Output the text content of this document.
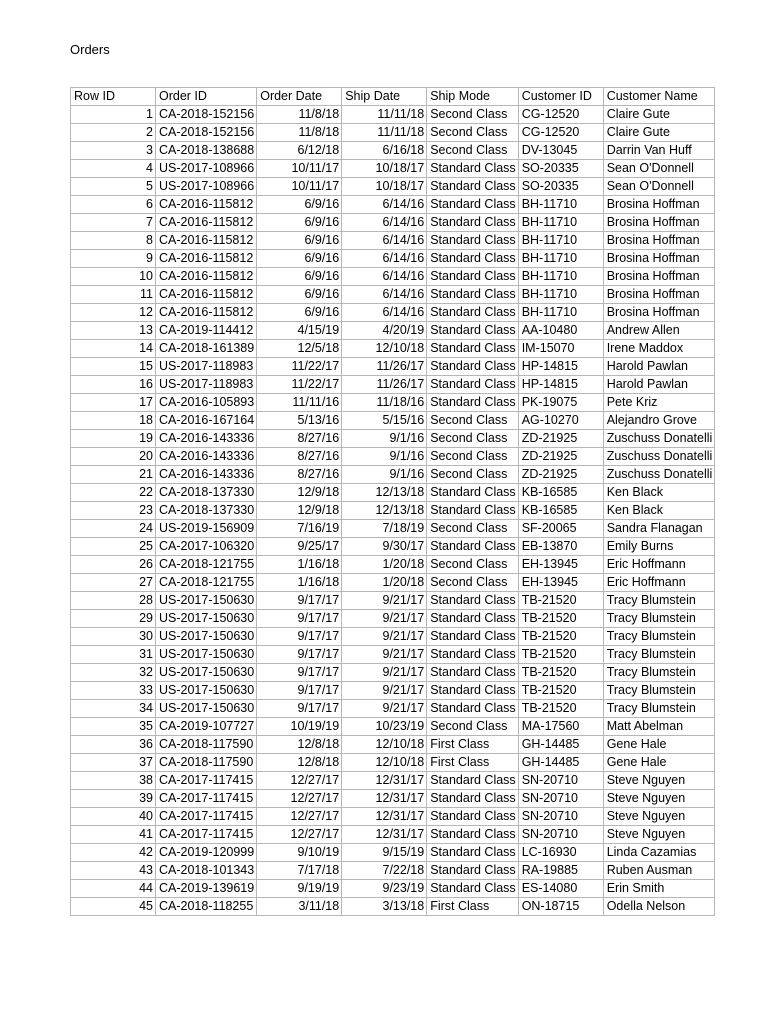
Orders
Row ID	Order ID	Order Date	Ship Date	Ship Mode	Customer ID	Customer Name
1	CA-2018-152156	11/8/18	11/11/18	Second Class	CG-12520	Claire Gute
2	CA-2018-152156	11/8/18	11/11/18	Second Class	CG-12520	Claire Gute
3	CA-2018-138688	6/12/18	6/16/18	Second Class	DV-13045	Darrin Van Huff
4	US-2017-108966	10/11/17	10/18/17	Standard Class	SO-20335	Sean O'Donnell
5	US-2017-108966	10/11/17	10/18/17	Standard Class	SO-20335	Sean O'Donnell
6	CA-2016-115812	6/9/16	6/14/16	Standard Class	BH-11710	Brosina Hoffman
7	CA-2016-115812	6/9/16	6/14/16	Standard Class	BH-11710	Brosina Hoffman
8	CA-2016-115812	6/9/16	6/14/16	Standard Class	BH-11710	Brosina Hoffman
9	CA-2016-115812	6/9/16	6/14/16	Standard Class	BH-11710	Brosina Hoffman
10	CA-2016-115812	6/9/16	6/14/16	Standard Class	BH-11710	Brosina Hoffman
11	CA-2016-115812	6/9/16	6/14/16	Standard Class	BH-11710	Brosina Hoffman
12	CA-2016-115812	6/9/16	6/14/16	Standard Class	BH-11710	Brosina Hoffman
13	CA-2019-114412	4/15/19	4/20/19	Standard Class	AA-10480	Andrew Allen
14	CA-2018-161389	12/5/18	12/10/18	Standard Class	IM-15070	Irene Maddox
15	US-2017-118983	11/22/17	11/26/17	Standard Class	HP-14815	Harold Pawlan
16	US-2017-118983	11/22/17	11/26/17	Standard Class	HP-14815	Harold Pawlan
17	CA-2016-105893	11/11/16	11/18/16	Standard Class	PK-19075	Pete Kriz
18	CA-2016-167164	5/13/16	5/15/16	Second Class	AG-10270	Alejandro Grove
19	CA-2016-143336	8/27/16	9/1/16	Second Class	ZD-21925	Zuschuss Donatelli
20	CA-2016-143336	8/27/16	9/1/16	Second Class	ZD-21925	Zuschuss Donatelli
21	CA-2016-143336	8/27/16	9/1/16	Second Class	ZD-21925	Zuschuss Donatelli
22	CA-2018-137330	12/9/18	12/13/18	Standard Class	KB-16585	Ken Black
23	CA-2018-137330	12/9/18	12/13/18	Standard Class	KB-16585	Ken Black
24	US-2019-156909	7/16/19	7/18/19	Second Class	SF-20065	Sandra Flanagan
25	CA-2017-106320	9/25/17	9/30/17	Standard Class	EB-13870	Emily Burns
26	CA-2018-121755	1/16/18	1/20/18	Second Class	EH-13945	Eric Hoffmann
27	CA-2018-121755	1/16/18	1/20/18	Second Class	EH-13945	Eric Hoffmann
28	US-2017-150630	9/17/17	9/21/17	Standard Class	TB-21520	Tracy Blumstein
29	US-2017-150630	9/17/17	9/21/17	Standard Class	TB-21520	Tracy Blumstein
30	US-2017-150630	9/17/17	9/21/17	Standard Class	TB-21520	Tracy Blumstein
31	US-2017-150630	9/17/17	9/21/17	Standard Class	TB-21520	Tracy Blumstein
32	US-2017-150630	9/17/17	9/21/17	Standard Class	TB-21520	Tracy Blumstein
33	US-2017-150630	9/17/17	9/21/17	Standard Class	TB-21520	Tracy Blumstein
34	US-2017-150630	9/17/17	9/21/17	Standard Class	TB-21520	Tracy Blumstein
35	CA-2019-107727	10/19/19	10/23/19	Second Class	MA-17560	Matt Abelman
36	CA-2018-117590	12/8/18	12/10/18	First Class	GH-14485	Gene Hale
37	CA-2018-117590	12/8/18	12/10/18	First Class	GH-14485	Gene Hale
38	CA-2017-117415	12/27/17	12/31/17	Standard Class	SN-20710	Steve Nguyen
39	CA-2017-117415	12/27/17	12/31/17	Standard Class	SN-20710	Steve Nguyen
40	CA-2017-117415	12/27/17	12/31/17	Standard Class	SN-20710	Steve Nguyen
41	CA-2017-117415	12/27/17	12/31/17	Standard Class	SN-20710	Steve Nguyen
42	CA-2019-120999	9/10/19	9/15/19	Standard Class	LC-16930	Linda Cazamias
43	CA-2018-101343	7/17/18	7/22/18	Standard Class	RA-19885	Ruben Ausman
44	CA-2019-139619	9/19/19	9/23/19	Standard Class	ES-14080	Erin Smith
45	CA-2018-118255	3/11/18	3/13/18	First Class	ON-18715	Odella Nelson
